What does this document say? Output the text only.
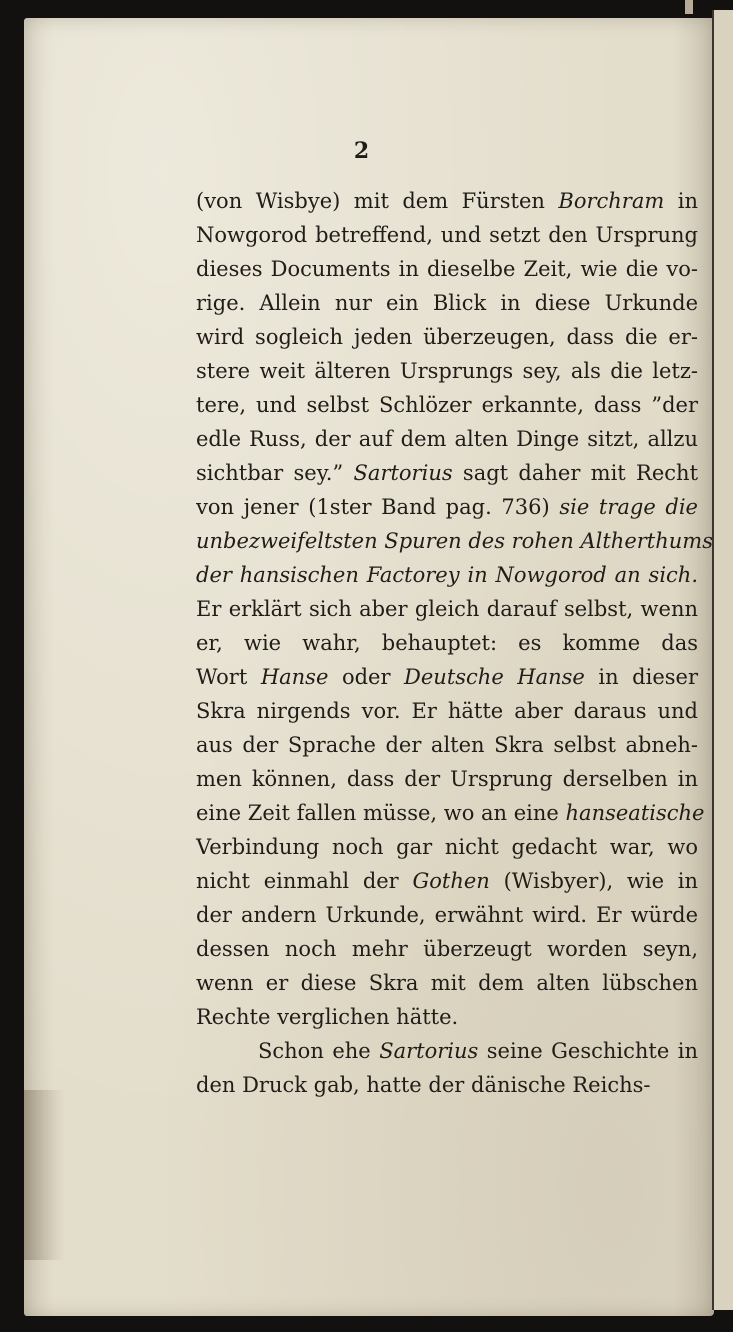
2
(von Wisbye) mit dem Fürsten Borchram in
Nowgorod betreffend, und setzt den Ursprung
dieses Documents in dieselbe Zeit, wie die vo-
rige. Allein nur ein Blick in diese Urkunde
wird sogleich jeden überzeugen, dass die er-
stere weit älteren Ursprungs sey, als die letz-
tere, und selbst Schlözer erkannte, dass ”der
edle Russ, der auf dem alten Dinge sitzt, allzu
sichtbar sey.” Sartorius sagt daher mit Recht
von jener (1ster Band pag. 736) sie trage die
unbezweifeltsten Spuren des rohen Altherthums
der hansischen Factorey in Nowgorod an sich.
Er erklärt sich aber gleich darauf selbst, wenn
er, wie wahr, behauptet: es komme das
Wort Hanse oder Deutsche Hanse in dieser
Skra nirgends vor. Er hätte aber daraus und
aus der Sprache der alten Skra selbst abneh-
men können, dass der Ursprung derselben in
eine Zeit fallen müsse, wo an eine hanseatische
Verbindung noch gar nicht gedacht war, wo
nicht einmahl der Gothen (Wisbyer), wie in
der andern Urkunde, erwähnt wird. Er würde
dessen noch mehr überzeugt worden seyn,
wenn er diese Skra mit dem alten lübschen
Rechte verglichen hätte.
Schon ehe Sartorius seine Geschichte in
den Druck gab, hatte der dänische Reichs-
